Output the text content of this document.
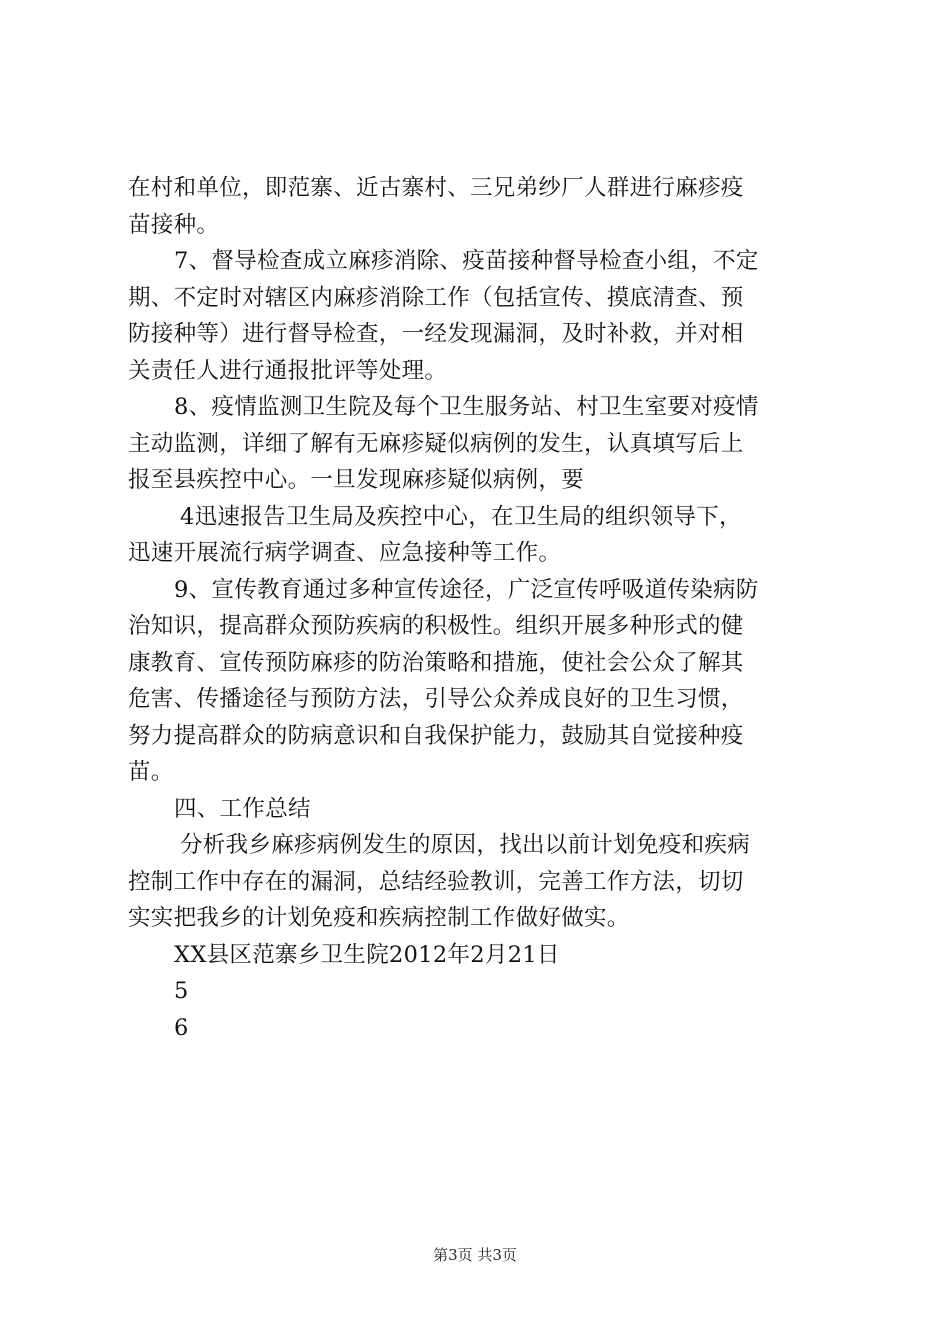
在村和单位，即范寨、近古寨村、三兄弟纱厂人群进行麻疹疫
苗接种。
7、督导检查成立麻疹消除、疫苗接种督导检查小组，不定
期、不定时对辖区内麻疹消除工作（包括宣传、摸底清查、预
防接种等）进行督导检查，一经发现漏洞，及时补救，并对相
关责任人进行通报批评等处理。
8、疫情监测卫生院及每个卫生服务站、村卫生室要对疫情
主动监测，详细了解有无麻疹疑似病例的发生，认真填写后上
报至县疾控中心。一旦发现麻疹疑似病例，要
4迅速报告卫生局及疾控中心，在卫生局的组织领导下，
迅速开展流行病学调查、应急接种等工作。
9、宣传教育通过多种宣传途径，广泛宣传呼吸道传染病防
治知识，提高群众预防疾病的积极性。组织开展多种形式的健
康教育、宣传预防麻疹的防治策略和措施，使社会公众了解其
危害、传播途径与预防方法，引导公众养成良好的卫生习惯，
努力提高群众的防病意识和自我保护能力，鼓励其自觉接种疫
苗。
四、工作总结
分析我乡麻疹病例发生的原因，找出以前计划免疫和疾病
控制工作中存在的漏洞，总结经验教训，完善工作方法，切切
实实把我乡的计划免疫和疾病控制工作做好做实。
XX县区范寨乡卫生院2012年2月21日
5
6
第3页 共3页
